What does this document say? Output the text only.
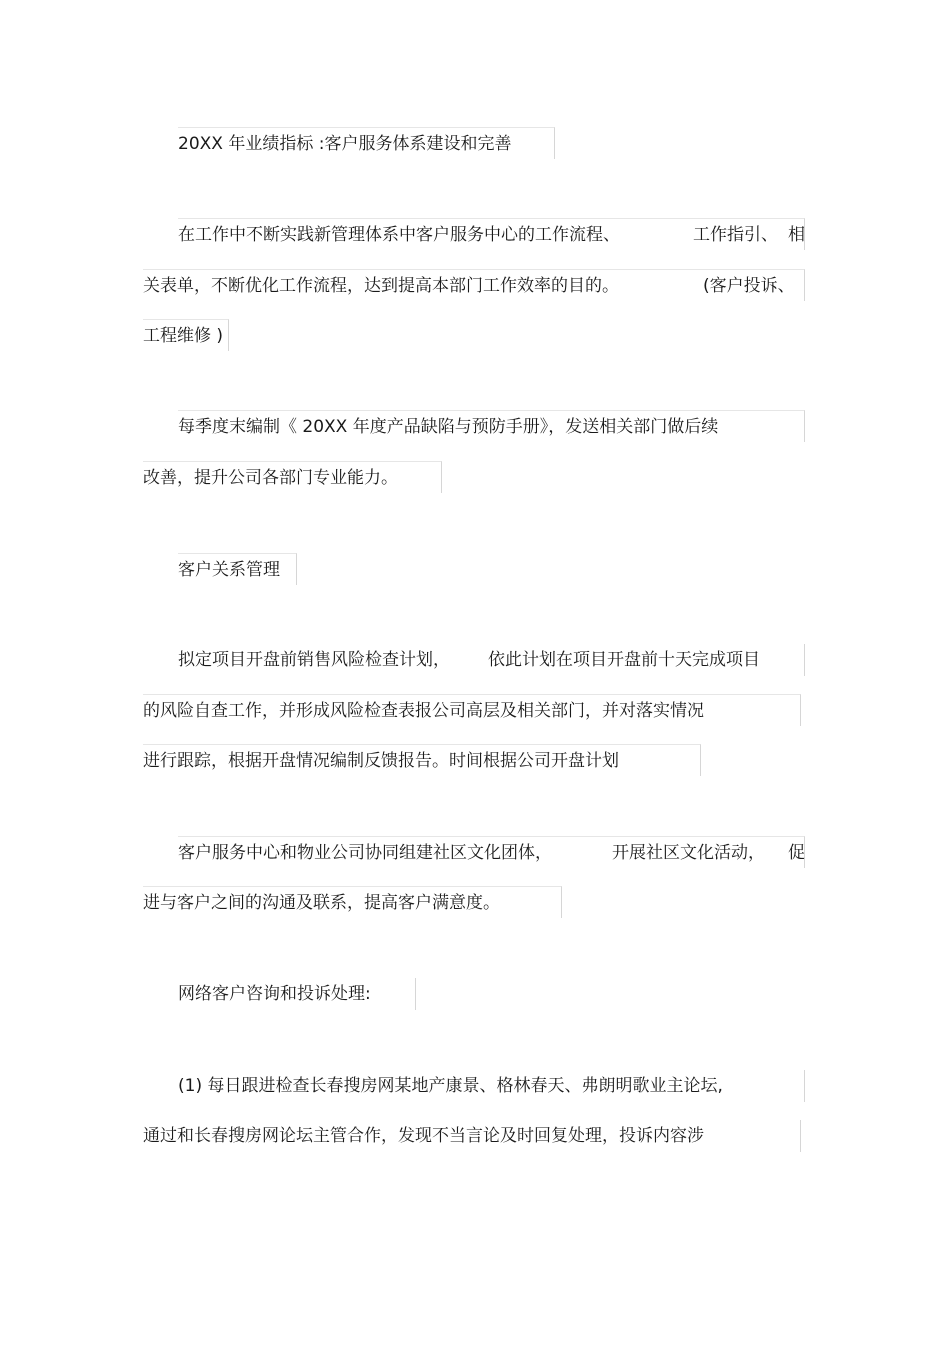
20XX 年业绩指标 :客户服务体系建设和完善
在工作中不断实践新管理体系中客户服务中心的工作流程、	工作指引、 相
关表单，不断优化工作流程，达到提高本部门工作效率的目的。	(客户投诉、
工程维修 )
每季度末编制《 20XX 年度产品缺陷与预防手册》，发送相关部门做后续
改善，提升公司各部门专业能力。
客户关系管理
拟定项目开盘前销售风险检查计划， 依此计划在项目开盘前十天完成项目
的风险自查工作，并形成风险检查表报公司高层及相关部门，并对落实情况
进行跟踪，根据开盘情况编制反馈报告。时间根据公司开盘计划
客户服务中心和物业公司协同组建社区文化团体，	开展社区文化活动， 促
进与客户之间的沟通及联系，提高客户满意度。
网络客户咨询和投诉处理:
(1) 每日跟进检查长春搜房网某地产康景、格林春天、弗朗明歌业主论坛,
通过和长春搜房网论坛主管合作，发现不当言论及时回复处理，投诉内容涉
